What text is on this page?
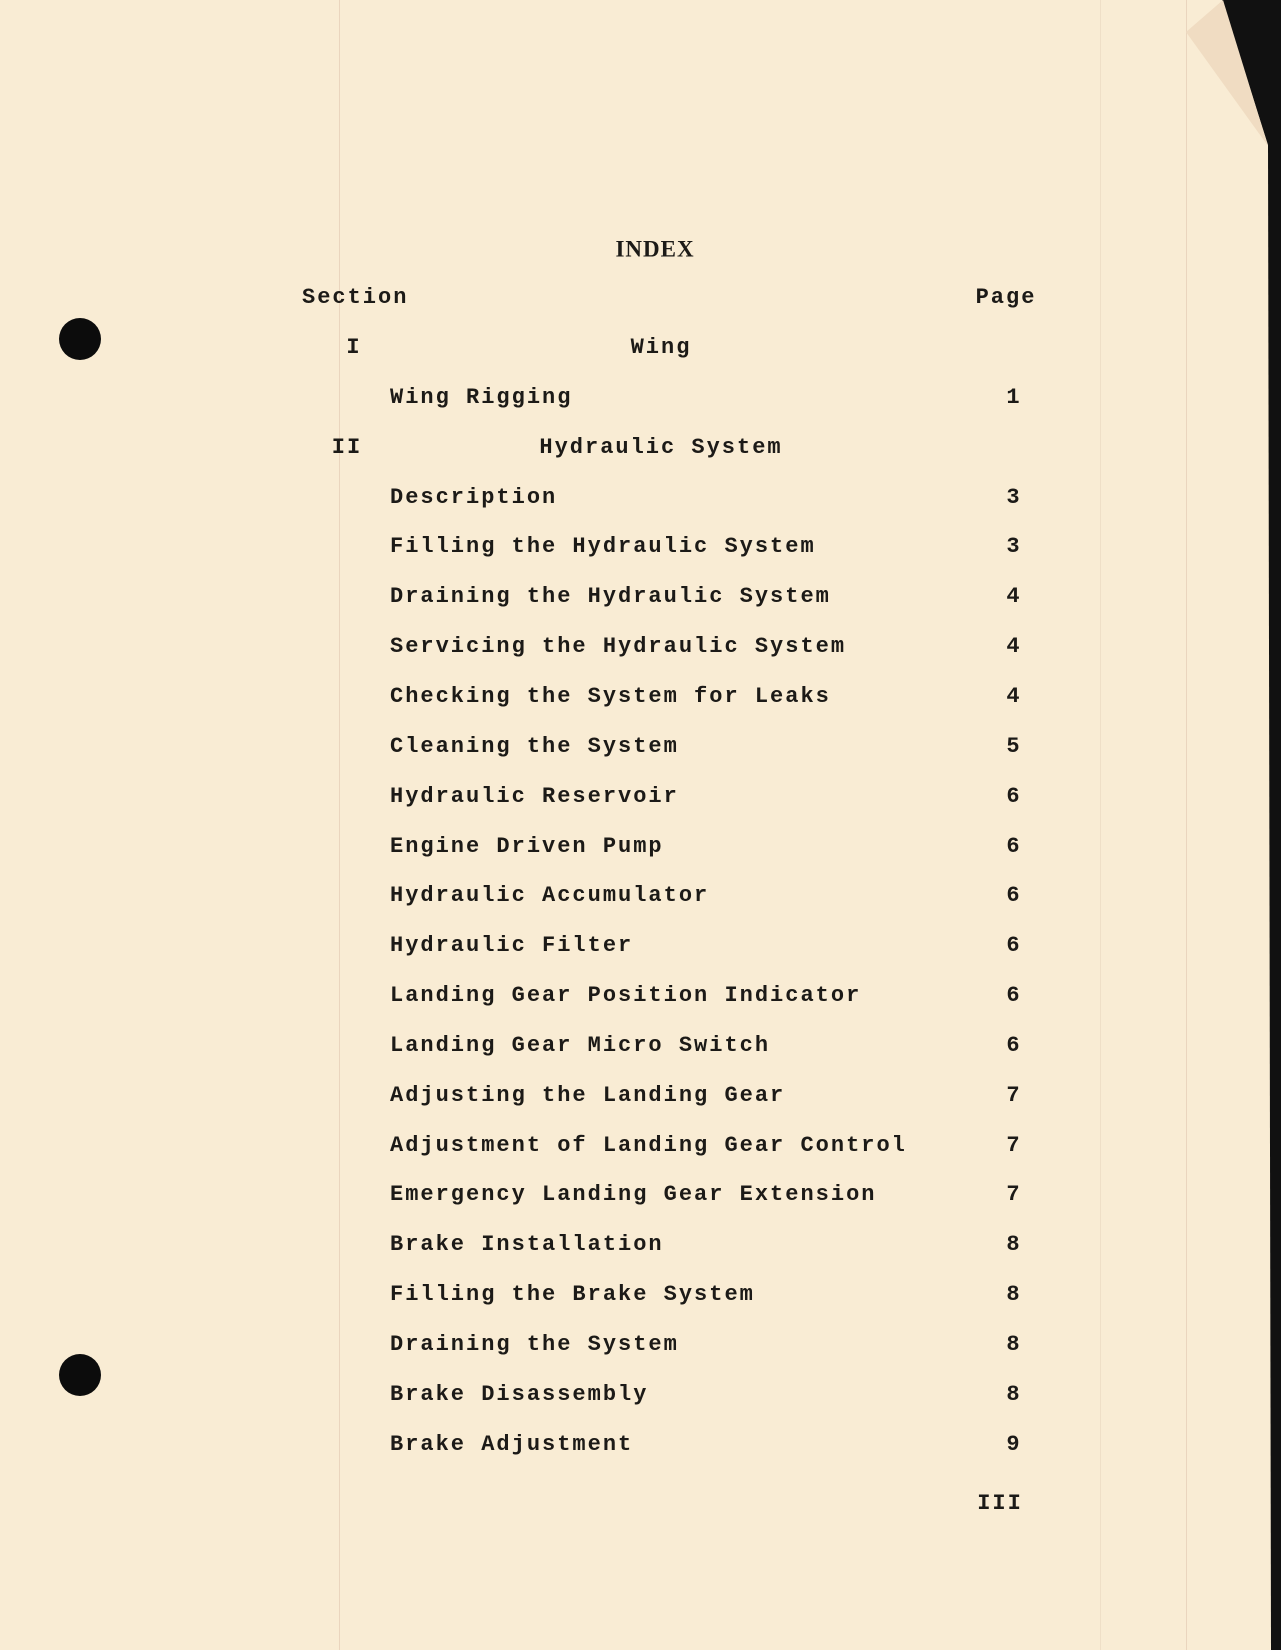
INDEX
Section	Page
I	Wing
Wing Rigging	1
II	Hydraulic System
Description	3
Filling the Hydraulic System	3
Draining the Hydraulic System	4
Servicing the Hydraulic System	4
Checking the System for Leaks	4
Cleaning the System	5
Hydraulic Reservoir	6
Engine Driven Pump	6
Hydraulic Accumulator	6
Hydraulic Filter	6
Landing Gear Position Indicator	6
Landing Gear Micro Switch	6
Adjusting the Landing Gear	7
Adjustment of Landing Gear Control	7
Emergency Landing Gear Extension	7
Brake Installation	8
Filling the Brake System	8
Draining the System	8
Brake Disassembly	8
Brake Adjustment	9
III
